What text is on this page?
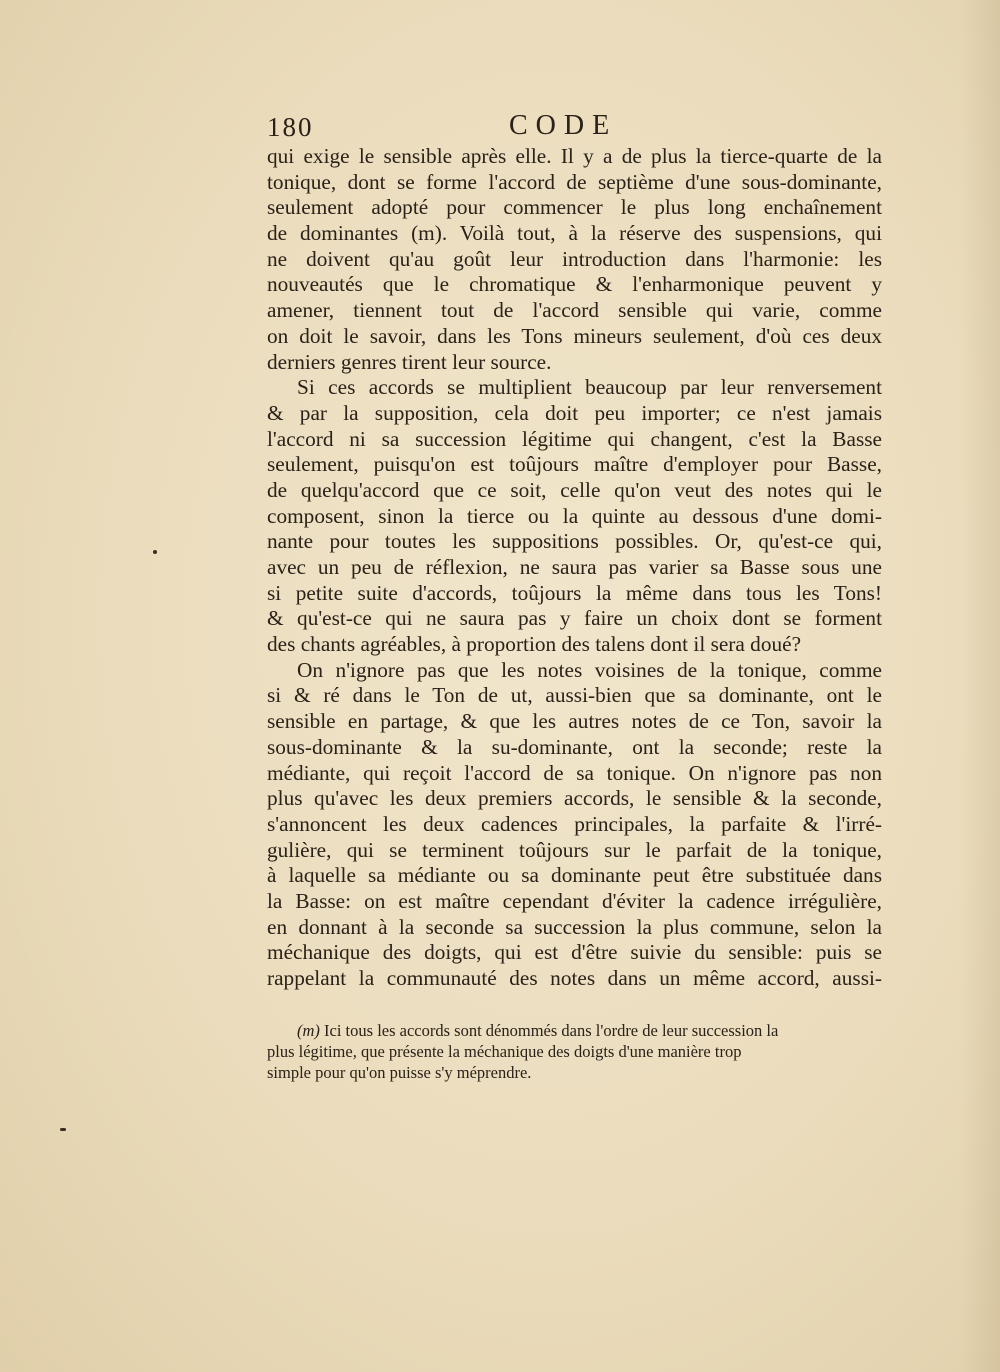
180	CODE
qui exige le sensible après elle. Il y a de plus la tierce-quarte de la
tonique, dont se forme l'accord de septième d'une sous-dominante,
seulement adopté pour commencer le plus long enchaînement
de dominantes (m). Voilà tout, à la réserve des suspensions, qui
ne doivent qu'au goût leur introduction dans l'harmonie: les
nouveautés que le chromatique & l'enharmonique peuvent y
amener, tiennent tout de l'accord sensible qui varie, comme
on doit le savoir, dans les Tons mineurs seulement, d'où ces deux
derniers genres tirent leur source.
Si ces accords se multiplient beaucoup par leur renversement
& par la supposition, cela doit peu importer; ce n'est jamais
l'accord ni sa succession légitime qui changent, c'est la Basse
seulement, puisqu'on est toûjours maître d'employer pour Basse,
de quelqu'accord que ce soit, celle qu'on veut des notes qui le
composent, sinon la tierce ou la quinte au dessous d'une domi-
nante pour toutes les suppositions possibles. Or, qu'est-ce qui,
avec un peu de réflexion, ne saura pas varier sa Basse sous une
si petite suite d'accords, toûjours la même dans tous les Tons!
& qu'est-ce qui ne saura pas y faire un choix dont se forment
des chants agréables, à proportion des talens dont il sera doué?
On n'ignore pas que les notes voisines de la tonique, comme
si & ré dans le Ton de ut, aussi-bien que sa dominante, ont le
sensible en partage, & que les autres notes de ce Ton, savoir la
sous-dominante & la su-dominante, ont la seconde; reste la
médiante, qui reçoit l'accord de sa tonique. On n'ignore pas non
plus qu'avec les deux premiers accords, le sensible & la seconde,
s'annoncent les deux cadences principales, la parfaite & l'irré-
gulière, qui se terminent toûjours sur le parfait de la tonique,
à laquelle sa médiante ou sa dominante peut être substituée dans
la Basse: on est maître cependant d'éviter la cadence irrégulière,
en donnant à la seconde sa succession la plus commune, selon la
méchanique des doigts, qui est d'être suivie du sensible: puis se
rappelant la communauté des notes dans un même accord, aussi-
(m) Ici tous les accords sont dénommés dans l'ordre de leur succession la
plus légitime, que présente la méchanique des doigts d'une manière trop
simple pour qu'on puisse s'y méprendre.
